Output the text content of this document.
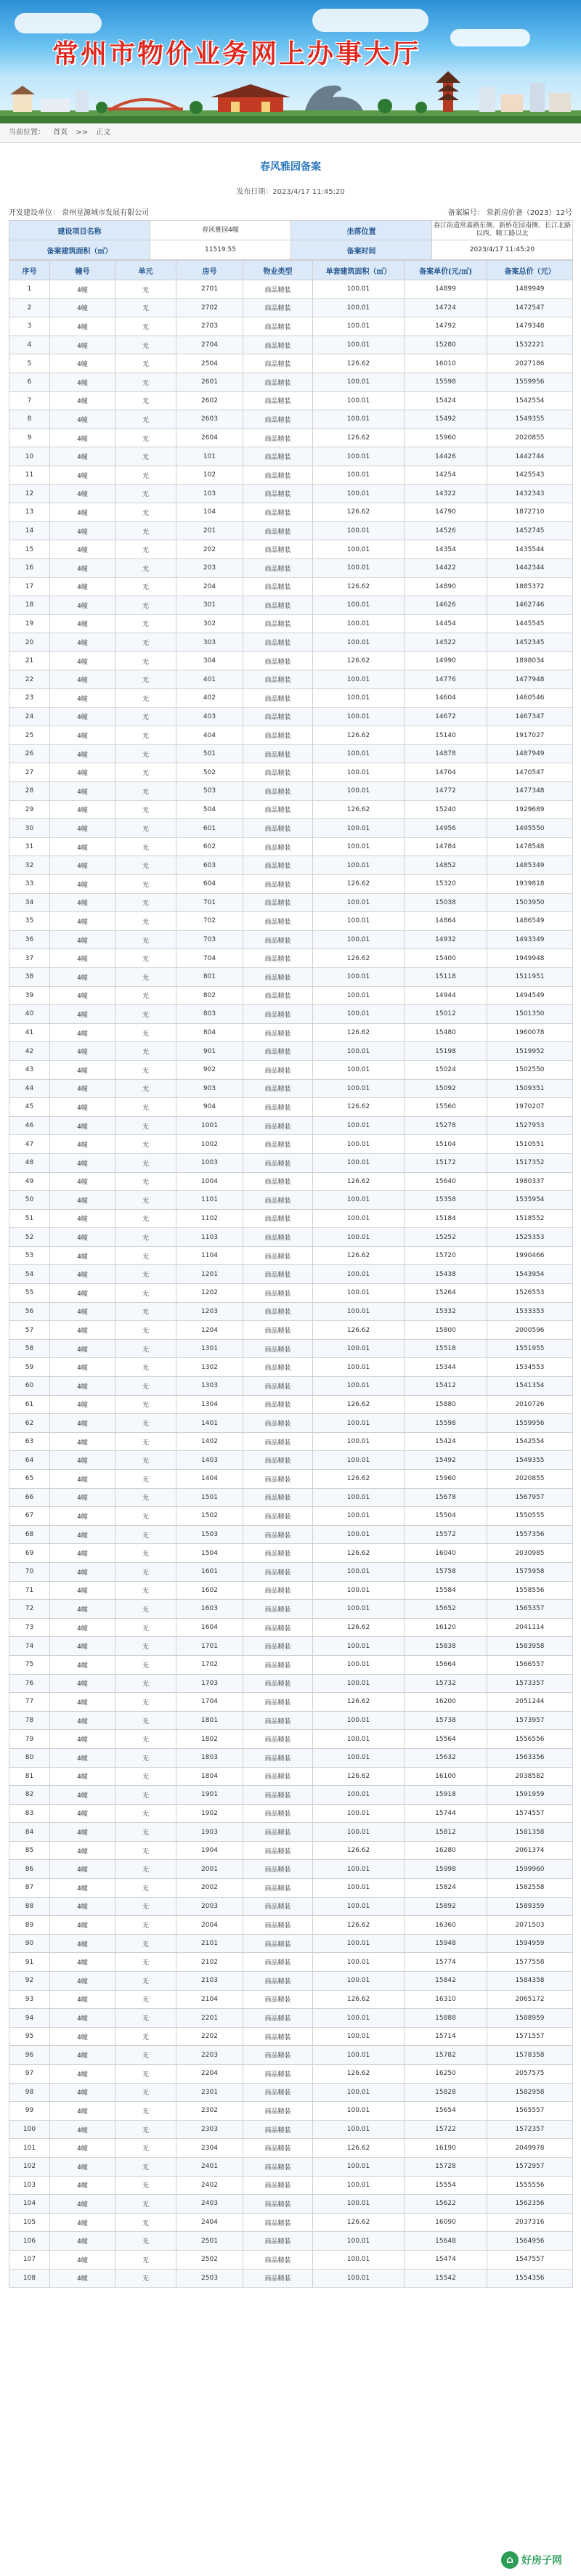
常州市物价业务网上办事大厅
当前位置： 首页 >> 正文
春风雅园备案
发布日期：2023/4/17 11:45:20
开发建设单位： 常州星源城市发展有限公司	备案编号： 常新房价备（2023）12号
建设项目名称	春风雅园4幢	坐落位置	春江街道常嘉路东侧、新桥花园南侧、长江北路以西、精工路以北
备案建筑面积（㎡）	11519.55	备案时间	2023/4/17 11:45:20
序号	幢号	单元	房号	物业类型	单套建筑面积（㎡）	备案单价(元/㎡)	备案总价（元）
1	4幢	无	2701	商品精装	100.01	14899	1489949
2	4幢	无	2702	商品精装	100.01	14724	1472547
3	4幢	无	2703	商品精装	100.01	14792	1479348
4	4幢	无	2704	商品精装	100.01	15280	1532221
5	4幢	无	2504	商品精装	126.62	16010	2027186
6	4幢	无	2601	商品精装	100.01	15598	1559956
7	4幢	无	2602	商品精装	100.01	15424	1542554
8	4幢	无	2603	商品精装	100.01	15492	1549355
9	4幢	无	2604	商品精装	126.62	15960	2020855
10	4幢	无	101	商品精装	100.01	14426	1442744
11	4幢	无	102	商品精装	100.01	14254	1425543
12	4幢	无	103	商品精装	100.01	14322	1432343
13	4幢	无	104	商品精装	126.62	14790	1872710
14	4幢	无	201	商品精装	100.01	14526	1452745
15	4幢	无	202	商品精装	100.01	14354	1435544
16	4幢	无	203	商品精装	100.01	14422	1442344
17	4幢	无	204	商品精装	126.62	14890	1885372
18	4幢	无	301	商品精装	100.01	14626	1462746
19	4幢	无	302	商品精装	100.01	14454	1445545
20	4幢	无	303	商品精装	100.01	14522	1452345
21	4幢	无	304	商品精装	126.62	14990	1898034
22	4幢	无	401	商品精装	100.01	14776	1477948
23	4幢	无	402	商品精装	100.01	14604	1460546
24	4幢	无	403	商品精装	100.01	14672	1467347
25	4幢	无	404	商品精装	126.62	15140	1917027
26	4幢	无	501	商品精装	100.01	14878	1487949
27	4幢	无	502	商品精装	100.01	14704	1470547
28	4幢	无	503	商品精装	100.01	14772	1477348
29	4幢	无	504	商品精装	126.62	15240	1929689
30	4幢	无	601	商品精装	100.01	14956	1495550
31	4幢	无	602	商品精装	100.01	14784	1478548
32	4幢	无	603	商品精装	100.01	14852	1485349
33	4幢	无	604	商品精装	126.62	15320	1939818
34	4幢	无	701	商品精装	100.01	15038	1503950
35	4幢	无	702	商品精装	100.01	14864	1486549
36	4幢	无	703	商品精装	100.01	14932	1493349
37	4幢	无	704	商品精装	126.62	15400	1949948
38	4幢	无	801	商品精装	100.01	15118	1511951
39	4幢	无	802	商品精装	100.01	14944	1494549
40	4幢	无	803	商品精装	100.01	15012	1501350
41	4幢	无	804	商品精装	126.62	15480	1960078
42	4幢	无	901	商品精装	100.01	15198	1519952
43	4幢	无	902	商品精装	100.01	15024	1502550
44	4幢	无	903	商品精装	100.01	15092	1509351
45	4幢	无	904	商品精装	126.62	15560	1970207
46	4幢	无	1001	商品精装	100.01	15278	1527953
47	4幢	无	1002	商品精装	100.01	15104	1510551
48	4幢	无	1003	商品精装	100.01	15172	1517352
49	4幢	无	1004	商品精装	126.62	15640	1980337
50	4幢	无	1101	商品精装	100.01	15358	1535954
51	4幢	无	1102	商品精装	100.01	15184	1518552
52	4幢	无	1103	商品精装	100.01	15252	1525353
53	4幢	无	1104	商品精装	126.62	15720	1990466
54	4幢	无	1201	商品精装	100.01	15438	1543954
55	4幢	无	1202	商品精装	100.01	15264	1526553
56	4幢	无	1203	商品精装	100.01	15332	1533353
57	4幢	无	1204	商品精装	126.62	15800	2000596
58	4幢	无	1301	商品精装	100.01	15518	1551955
59	4幢	无	1302	商品精装	100.01	15344	1534553
60	4幢	无	1303	商品精装	100.01	15412	1541354
61	4幢	无	1304	商品精装	126.62	15880	2010726
62	4幢	无	1401	商品精装	100.01	15598	1559956
63	4幢	无	1402	商品精装	100.01	15424	1542554
64	4幢	无	1403	商品精装	100.01	15492	1549355
65	4幢	无	1404	商品精装	126.62	15960	2020855
66	4幢	无	1501	商品精装	100.01	15678	1567957
67	4幢	无	1502	商品精装	100.01	15504	1550555
68	4幢	无	1503	商品精装	100.01	15572	1557356
69	4幢	无	1504	商品精装	126.62	16040	2030985
70	4幢	无	1601	商品精装	100.01	15758	1575958
71	4幢	无	1602	商品精装	100.01	15584	1558556
72	4幢	无	1603	商品精装	100.01	15652	1565357
73	4幢	无	1604	商品精装	126.62	16120	2041114
74	4幢	无	1701	商品精装	100.01	15838	1583958
75	4幢	无	1702	商品精装	100.01	15664	1566557
76	4幢	无	1703	商品精装	100.01	15732	1573357
77	4幢	无	1704	商品精装	126.62	16200	2051244
78	4幢	无	1801	商品精装	100.01	15738	1573957
79	4幢	无	1802	商品精装	100.01	15564	1556556
80	4幢	无	1803	商品精装	100.01	15632	1563356
81	4幢	无	1804	商品精装	126.62	16100	2038582
82	4幢	无	1901	商品精装	100.01	15918	1591959
83	4幢	无	1902	商品精装	100.01	15744	1574557
84	4幢	无	1903	商品精装	100.01	15812	1581358
85	4幢	无	1904	商品精装	126.62	16280	2061374
86	4幢	无	2001	商品精装	100.01	15998	1599960
87	4幢	无	2002	商品精装	100.01	15824	1582558
88	4幢	无	2003	商品精装	100.01	15892	1589359
89	4幢	无	2004	商品精装	126.62	16360	2071503
90	4幢	无	2101	商品精装	100.01	15948	1594959
91	4幢	无	2102	商品精装	100.01	15774	1577558
92	4幢	无	2103	商品精装	100.01	15842	1584358
93	4幢	无	2104	商品精装	126.62	16310	2065172
94	4幢	无	2201	商品精装	100.01	15888	1588959
95	4幢	无	2202	商品精装	100.01	15714	1571557
96	4幢	无	2203	商品精装	100.01	15782	1578358
97	4幢	无	2204	商品精装	126.62	16250	2057575
98	4幢	无	2301	商品精装	100.01	15828	1582958
99	4幢	无	2302	商品精装	100.01	15654	1565557
100	4幢	无	2303	商品精装	100.01	15722	1572357
101	4幢	无	2304	商品精装	126.62	16190	2049978
102	4幢	无	2401	商品精装	100.01	15728	1572957
103	4幢	无	2402	商品精装	100.01	15554	1555556
104	4幢	无	2403	商品精装	100.01	15622	1562356
105	4幢	无	2404	商品精装	126.62	16090	2037316
106	4幢	无	2501	商品精装	100.01	15648	1564956
107	4幢	无	2502	商品精装	100.01	15474	1547557
108	4幢	无	2503	商品精装	100.01	15542	1554356
⌂ 好房子网
